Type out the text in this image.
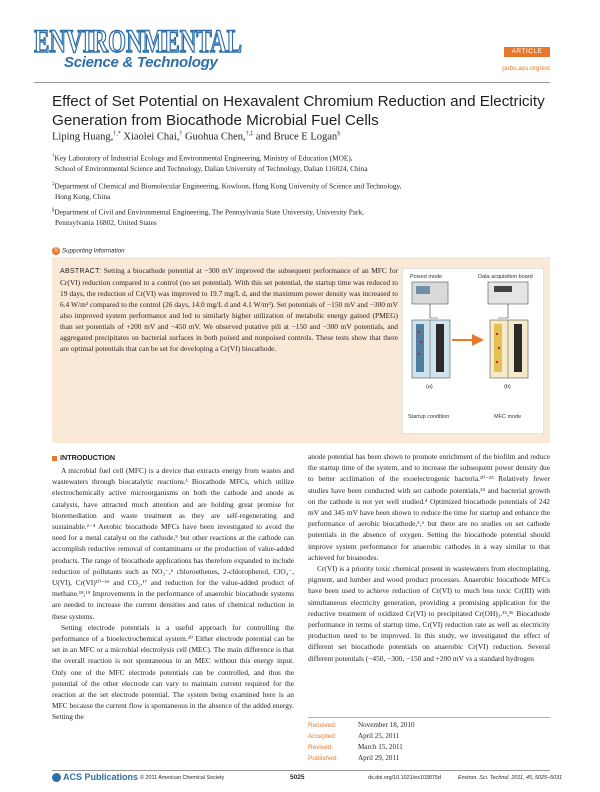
ENVIRONMENTAL
Science & Technology
ARTICLE
pubs.acs.org/est
Effect of Set Potential on Hexavalent Chromium Reduction and Electricity Generation from Biocathode Microbial Fuel Cells
Liping Huang,†,* Xiaolei Chai,† Guohua Chen,†,‡ and Bruce E Logan§
†Key Laboratory of Industrial Ecology and Environmental Engineering, Ministry of Education (MOE),
School of Environmental Science and Technology, Dalian University of Technology, Dalian 116024, China
‡Department of Chemical and Biomolecular Engineering, Kowloon, Hong Kong University of Science and Technology,
Hong Kong, China
§Department of Civil and Environmental Engineering, The Pennsylvania State University, University Park,
Pennsylvania 16802, United States
S Supporting Information
ABSTRACT: Setting a biocathode potential at −300 mV improved the subsequent performance of an MFC for Cr(VI) reduction compared to a control (no set potential). With this set potential, the startup time was reduced to 19 days, the reduction of Cr(VI) was improved to 19.7 mg/L d, and the maximum power density was increased to 6.4 W/m³ compared to the control (26 days, 14.0 mg/L d and 4.1 W/m³). Set potentials of −150 mV and −300 mV also improved system performance and led to similarly higher utilization of metabolic energy gained (PMEG) than set potentials of +200 mV and −450 mV. We observed putative pili at −150 and −300 mV potentials, and aggregated precipitates on bacterial surfaces in both poised and nonpoised controls. These tests show that there are optimal potentials that can be set for developing a Cr(VI) biocathode.
Poised mode	Data acquisition board
(a)	(b)
Startup condition	MFC mode
INTRODUCTION

A microbial fuel cell (MFC) is a device that extracts energy from wastes and wastewaters through biocatalytic reactions.¹ Biocathode MFCs, which utilize electrochemically active microorganisms on both the cathode and anode as catalysts, have attracted much attention and are holding great promise for bioremediation and waste treatment as they are self-regenerating and sustainable.²⁻⁴ Aerobic biocathode MFCs have been investigated to avoid the need for a metal catalyst on the cathode,⁵ but other reactions at the cathode can accomplish reductive removal of contaminants or the production of value-added products. The range of biocathode applications has therefore expanded to include reduction of pollutants such as NO₃⁻,⁶ chloroethenes, 2-chlorophenol, ClO₄⁻, U(VI), Cr(VI)¹⁰⁻¹⁶ and CO₂,¹⁷ and reduction for the value-added product of methane.¹⁸,¹⁹ Improvements in the performance of anaerobic biocathode systems are needed to increase the current densities and rates of chemical reduction in these systems.

Setting electrode potentials is a useful approach for controlling the performance of a bioelectrochemical system.²⁰ Either electrode potential can be set in an MFC or a microbial electrolysis cell (MEC). The main difference is that the overall reaction is not spontaneous in an MEC without this energy input. Only one of the MFC electrode potentials can be controlled, and thus the potential of the other electrode can vary to maintain current required for the reaction at the set electrode potential. The system being examined here is an MFC because the current flow is spontaneous in the absence of the added energy. Setting the

anode potential has been shown to promote enrichment of the biofilm and reduce the startup time of the system, and to increase the subsequent power density due to better acclimation of the exoelectrogenic bacteria.²⁰⁻²³ Relatively fewer studies have been conducted with set cathode potentials,²⁴ and bacterial growth on the cathode is not yet well studied.⁴ Optimized biocathode potentials of 242 mV and 345 mV have been shown to reduce the time for startup and enhance the performance of aerobic biocathode,⁵,⁶ but there are no studies on set cathode potentials in the absence of oxygen. Setting the biocathode potential should improve system performance for anaerobic cathodes in a way similar to that achieved for bioanodes.

Cr(VI) is a priority toxic chemical present in wastewaters from electroplating, pigment, and lumber and wood product processes. Anaerobic biocathode MFCs have been used to achieve reduction of Cr(VI) to much less toxic Cr(III) with simultaneous electricity generation, providing a promising application for the reductive treatment of oxidized Cr(VI) to precipitated Cr(OH)₃.¹⁵,²⁶ Biocathode performance in terms of startup time, Cr(VI) reduction rate as well as electricity production need to be improved. In this study, we investigated the effect of different set biocathode potentials on anaerobic Cr(VI) reduction. Several different potentials (−450, −300, −150 and +200 mV vs a standard hydrogen

Received:	November 18, 2010
Accepted:	April 25, 2011
Revised:	March 15, 2011
Published:	April 29, 2011
ACS Publications © 2011 American Chemical Society	5025	dx.doi.org/10.1021/es103875d	Environ. Sci. Technol. 2011, 45, 5025–5031
